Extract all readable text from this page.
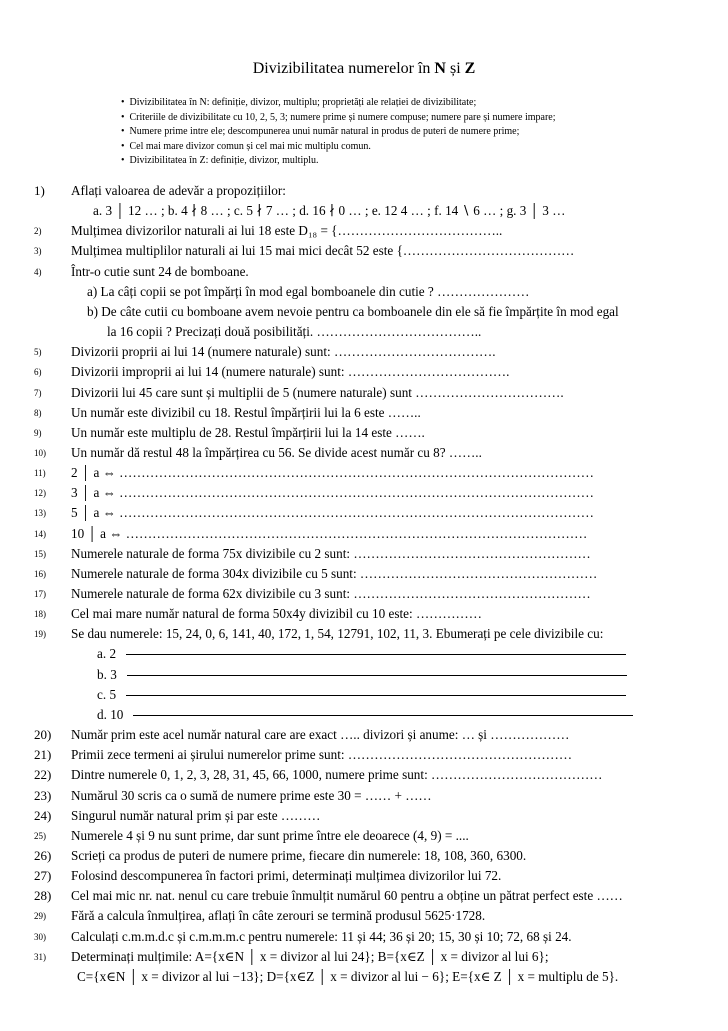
Divizibilitatea numerelor în N și Z
• Divizibilitatea în N: definiție, divizor, multiplu; proprietăți ale relației de divizibilitate;
• Criteriile de divizibilitate cu 10, 2, 5, 3; numere prime și numere compuse; numere pare și numere impare;
• Numere prime intre ele; descompunerea unui număr natural in produs de puteri de numere prime;
• Cel mai mare divizor comun și cel mai mic multiplu comun.
• Divizibilitatea în Z: definiție, divizor, multiplu.
1) Aflați valoarea de adevăr a propozițiilor:
a. 3 │ 12 … ; b. 4 ∤ 8 … ; c. 5 ∤ 7 … ; d. 16 ∤ 0 … ; e. 12 4 … ; f. 14 ∖ 6 … ; g. 3 │ 3 …
2) Mulțimea divizorilor naturali ai lui 18 este D₁₈ = {………………………………..
3) Mulțimea multiplilor naturali ai lui 15 mai mici decât 52 este {…………………………………
4) Într-o cutie sunt 24 de bomboane.
a) La câți copii se pot împărți în mod egal bomboanele din cutie ? …………………
b) De câte cutii cu bomboane avem nevoie pentru ca bomboanele din ele să fie împărțite în mod egal
la 16 copii ? Precizați două posibilități. ………………………………..
5) Divizorii proprii ai lui 14 (numere naturale) sunt: ……………………………….
6) Divizorii improprii ai lui 14 (numere naturale) sunt: ……………………………….
7) Divizorii lui 45 care sunt și multiplii de 5 (numere naturale) sunt …………………………….
8) Un număr este divizibil cu 18. Restul împărțirii lui la 6 este ……..
9) Un număr este multiplu de 28. Restul împărțirii lui la 14 este …….
10) Un număr dă restul 48 la împărțirea cu 56. Se divide acest număr cu 8? ……..
11) 2 │ a ⇔ ………………………………………………………………………………………………
12) 3 │ a ⇔ ………………………………………………………………………………………………
13) 5 │ a ⇔ ………………………………………………………………………………………………
14) 10 │ a ⇔ ……………………………………………………………………………………………
15) Numerele naturale de forma 75x divizibile cu 2 sunt: ………………………………………………
16) Numerele naturale de forma 304x divizibile cu 5 sunt: ………………………………………………
17) Numerele naturale de forma 62x divizibile cu 3 sunt: ………………………………………………
18) Cel mai mare număr natural de forma 50x4y divizibil cu 10 este: ……………
19) Se dau numerele: 15, 24, 0, 6, 141, 40, 172, 1, 54, 12791, 102, 11, 3. Ebumerați pe cele divizibile cu:
a. 2
b. 3
c. 5
d. 10
20) Număr prim este acel număr natural care are exact ….. divizori și anume: … și ………………
21) Primii zece termeni ai șirului numerelor prime sunt: ……………………………………………
22) Dintre numerele 0, 1, 2, 3, 28, 31, 45, 66, 1000, numere prime sunt: …………………………………
23) Numărul 30 scris ca o sumă de numere prime este 30 = …… + ……
24) Singurul număr natural prim și par este ………
25) Numerele 4 și 9 nu sunt prime, dar sunt prime între ele deoarece (4, 9) = ....
26) Scrieți ca produs de puteri de numere prime, fiecare din numerele: 18, 108, 360, 6300.
27) Folosind descompunerea în factori primi, determinați mulțimea divizorilor lui 72.
28) Cel mai mic nr. nat. nenul cu care trebuie înmulțit numărul 60 pentru a obține un pătrat perfect este ……
29) Fără a calcula înmulțirea, aflați în câte zerouri se termină produsul 5625·1728.
30) Calculați c.m.m.d.c și c.m.m.m.c pentru numerele: 11 și 44; 36 și 20; 15, 30 și 10; 72, 68 și 24.
31) Determinați mulțimile: A={x∈N │ x = divizor al lui 24}; B={x∈Z │ x = divizor al lui 6};
C={x∈N │ x = divizor al lui −13}; D={x∈Z │ x = divizor al lui − 6}; E={x∈ Z │ x = multiplu de 5}.
